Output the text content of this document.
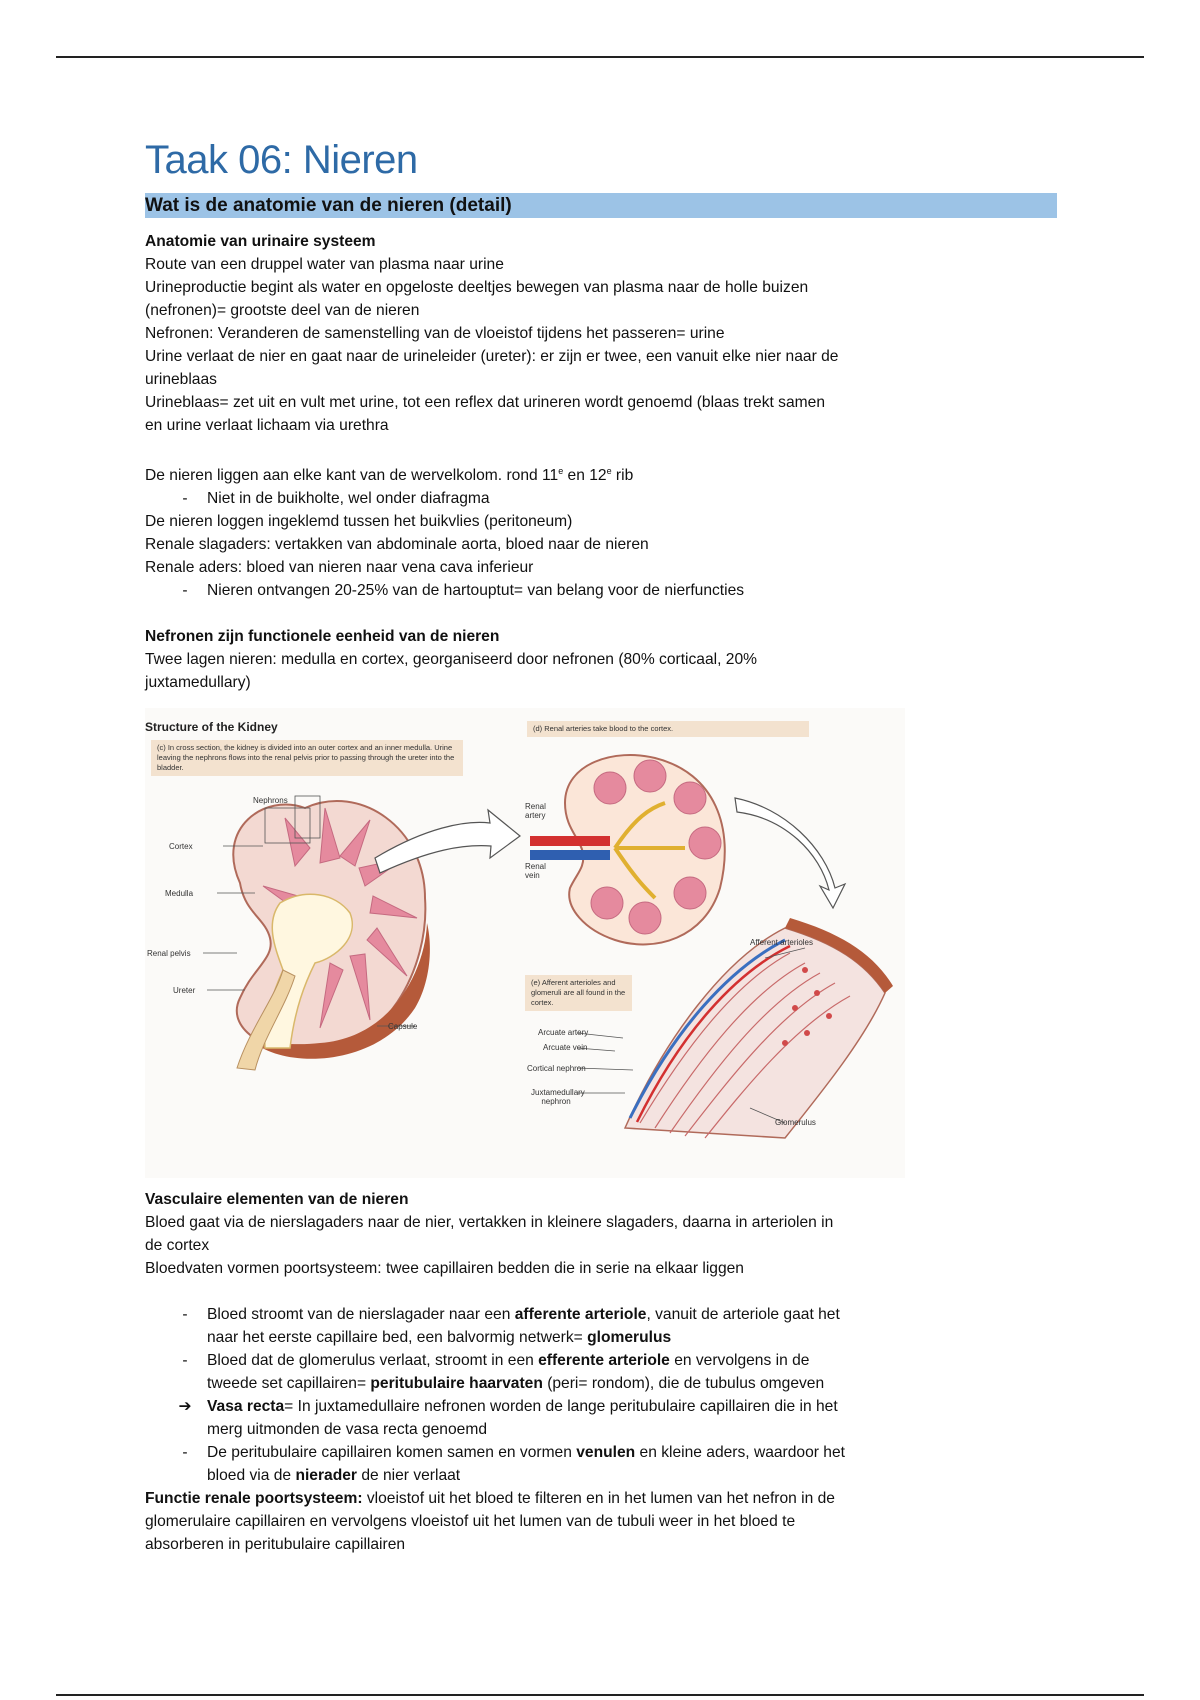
Taak 06: Nieren
Wat is de anatomie van de nieren (detail)

Anatomie van urinaire systeem

Route van een druppel water van plasma naar urine

Urineproductie begint als water en opgeloste deeltjes bewegen van plasma naar de holle buizen

(nefronen)= grootste deel van de nieren

Nefronen: Veranderen de samenstelling van de vloeistof tijdens het passeren= urine

Urine verlaat de nier en gaat naar de urineleider (ureter): er zijn er twee, een vanuit elke nier naar de

urineblaas

Urineblaas= zet uit en vult met urine, tot een reflex dat urineren wordt genoemd (blaas trekt samen

en urine verlaat lichaam via urethra

De nieren liggen aan elke kant van de wervelkolom. rond 11e en 12e rib

-	Niet in de buikholte, wel onder diafragma

De nieren loggen ingeklemd tussen het buikvlies (peritoneum)

Renale slagaders: vertakken van abdominale aorta, bloed naar de nieren

Renale aders: bloed van nieren naar vena cava inferieur

-	Nieren ontvangen 20-25% van de hartouptut= van belang voor de nierfuncties

Nefronen zijn functionele eenheid van de nieren

Twee lagen nieren: medulla en cortex, georganiseerd door nefronen (80% corticaal, 20%

juxtamedullary)

Structure of the Kidney
(c) In cross section, the kidney is divided into an outer cortex and an inner medulla. Urine leaving the nephrons flows into the renal pelvis prior to passing through the ureter into the bladder.
(d) Renal arteries take blood to the cortex.
(e) Afferent arterioles and glomeruli are all found in the cortex.
Nephrons
Cortex
Medulla
Renal pelvis
Ureter
Capsule
Renal artery
Renal vein
Afferent arterioles
Arcuate artery
Arcuate vein
Cortical nephron
Juxtamedullary nephron
Glomerulus

Vasculaire elementen van de nieren

Bloed gaat via de nierslagaders naar de nier, vertakken in kleinere slagaders, daarna in arteriolen in

de cortex

Bloedvaten vormen poortsysteem: twee capillairen bedden die in serie na elkaar liggen

-	Bloed stroomt van de nierslagader naar een afferente arteriole, vanuit de arteriole gaat het
naar het eerste capillaire bed, een balvormig netwerk= glomerulus
-	Bloed dat de glomerulus verlaat, stroomt in een efferente arteriole en vervolgens in de
tweede set capillairen= peritubulaire haarvaten (peri= rondom), die de tubulus omgeven
➔ Vasa recta= In juxtamedullaire nefronen worden de lange peritubulaire capillairen die in het
merg uitmonden de vasa recta genoemd
-	De peritubulaire capillairen komen samen en vormen venulen en kleine aders, waardoor het
bloed via de nierader de nier verlaat

Functie renale poortsysteem: vloeistof uit het bloed te filteren en in het lumen van het nefron in de

glomerulaire capillairen en vervolgens vloeistof uit het lumen van de tubuli weer in het bloed te

absorberen in peritubulaire capillairen
